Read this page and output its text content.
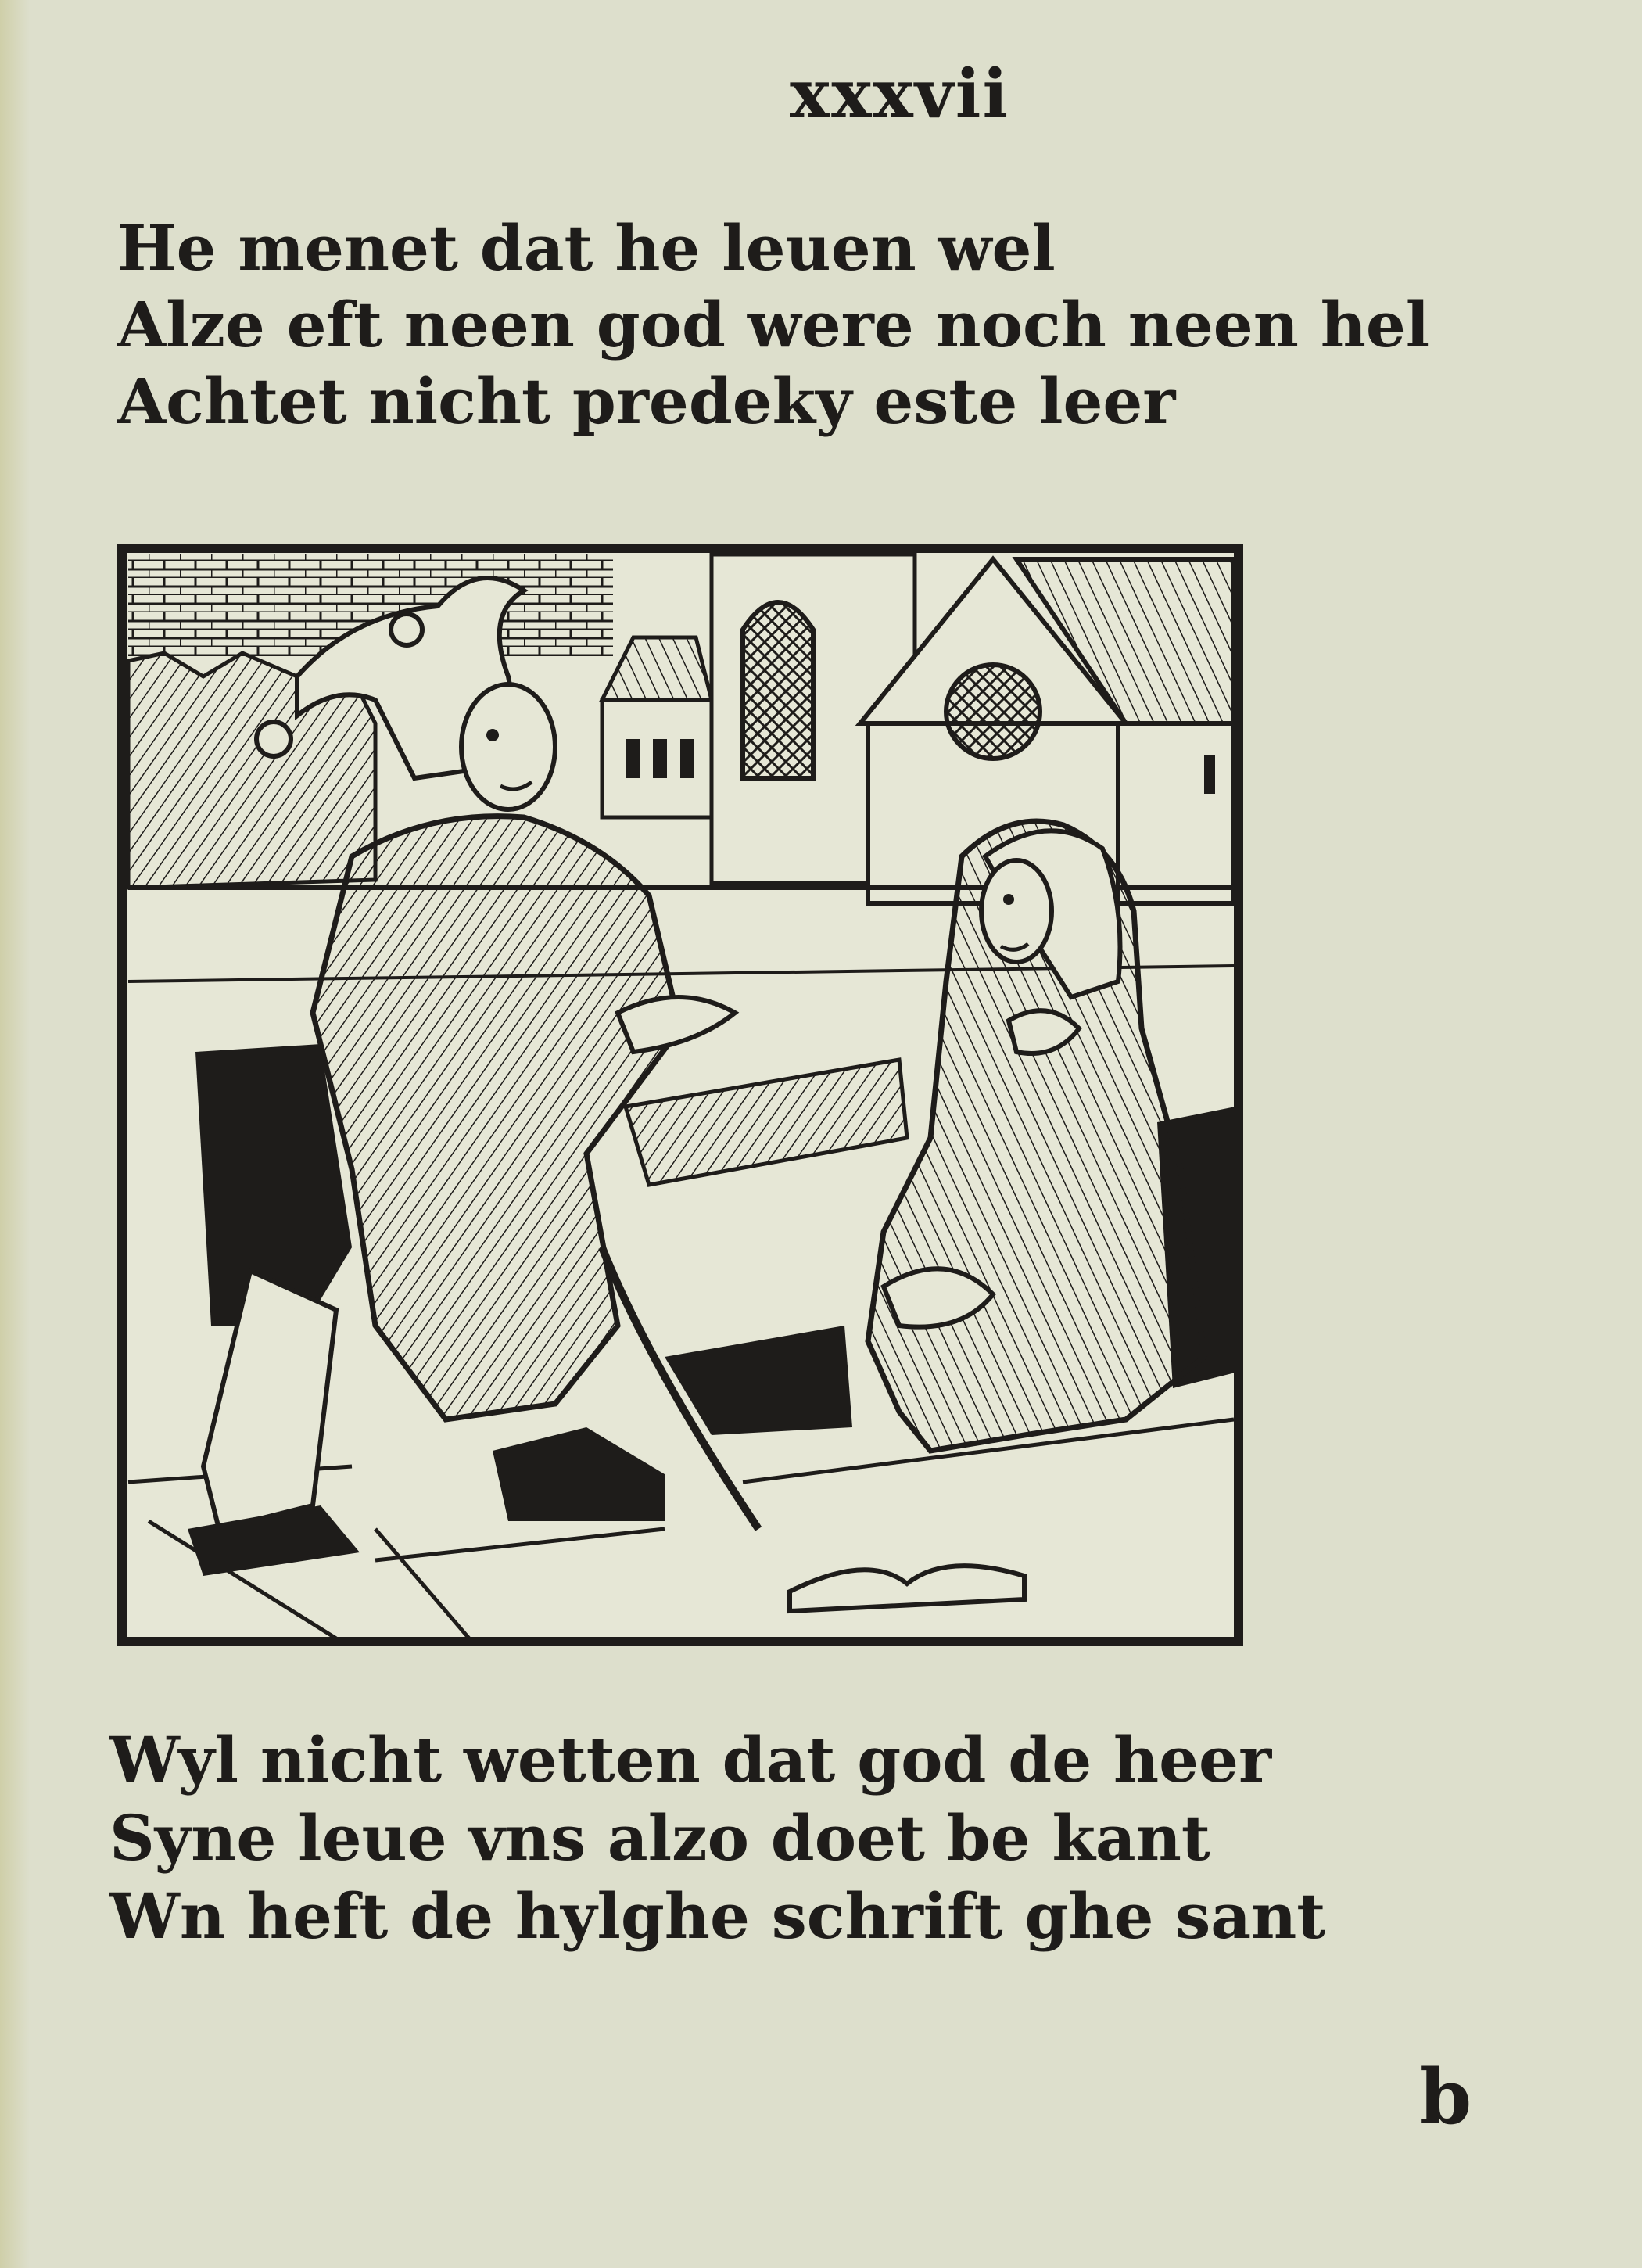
xxxvii
He menet dat he leuen wel
Alze eft neen god were noch neen hel
Achtet nicht predeky este leer
Wyl nicht wetten dat god de heer
Syne leue vns alzo doet be kant
Wn heft de hylghe schrift ghe sant
b
